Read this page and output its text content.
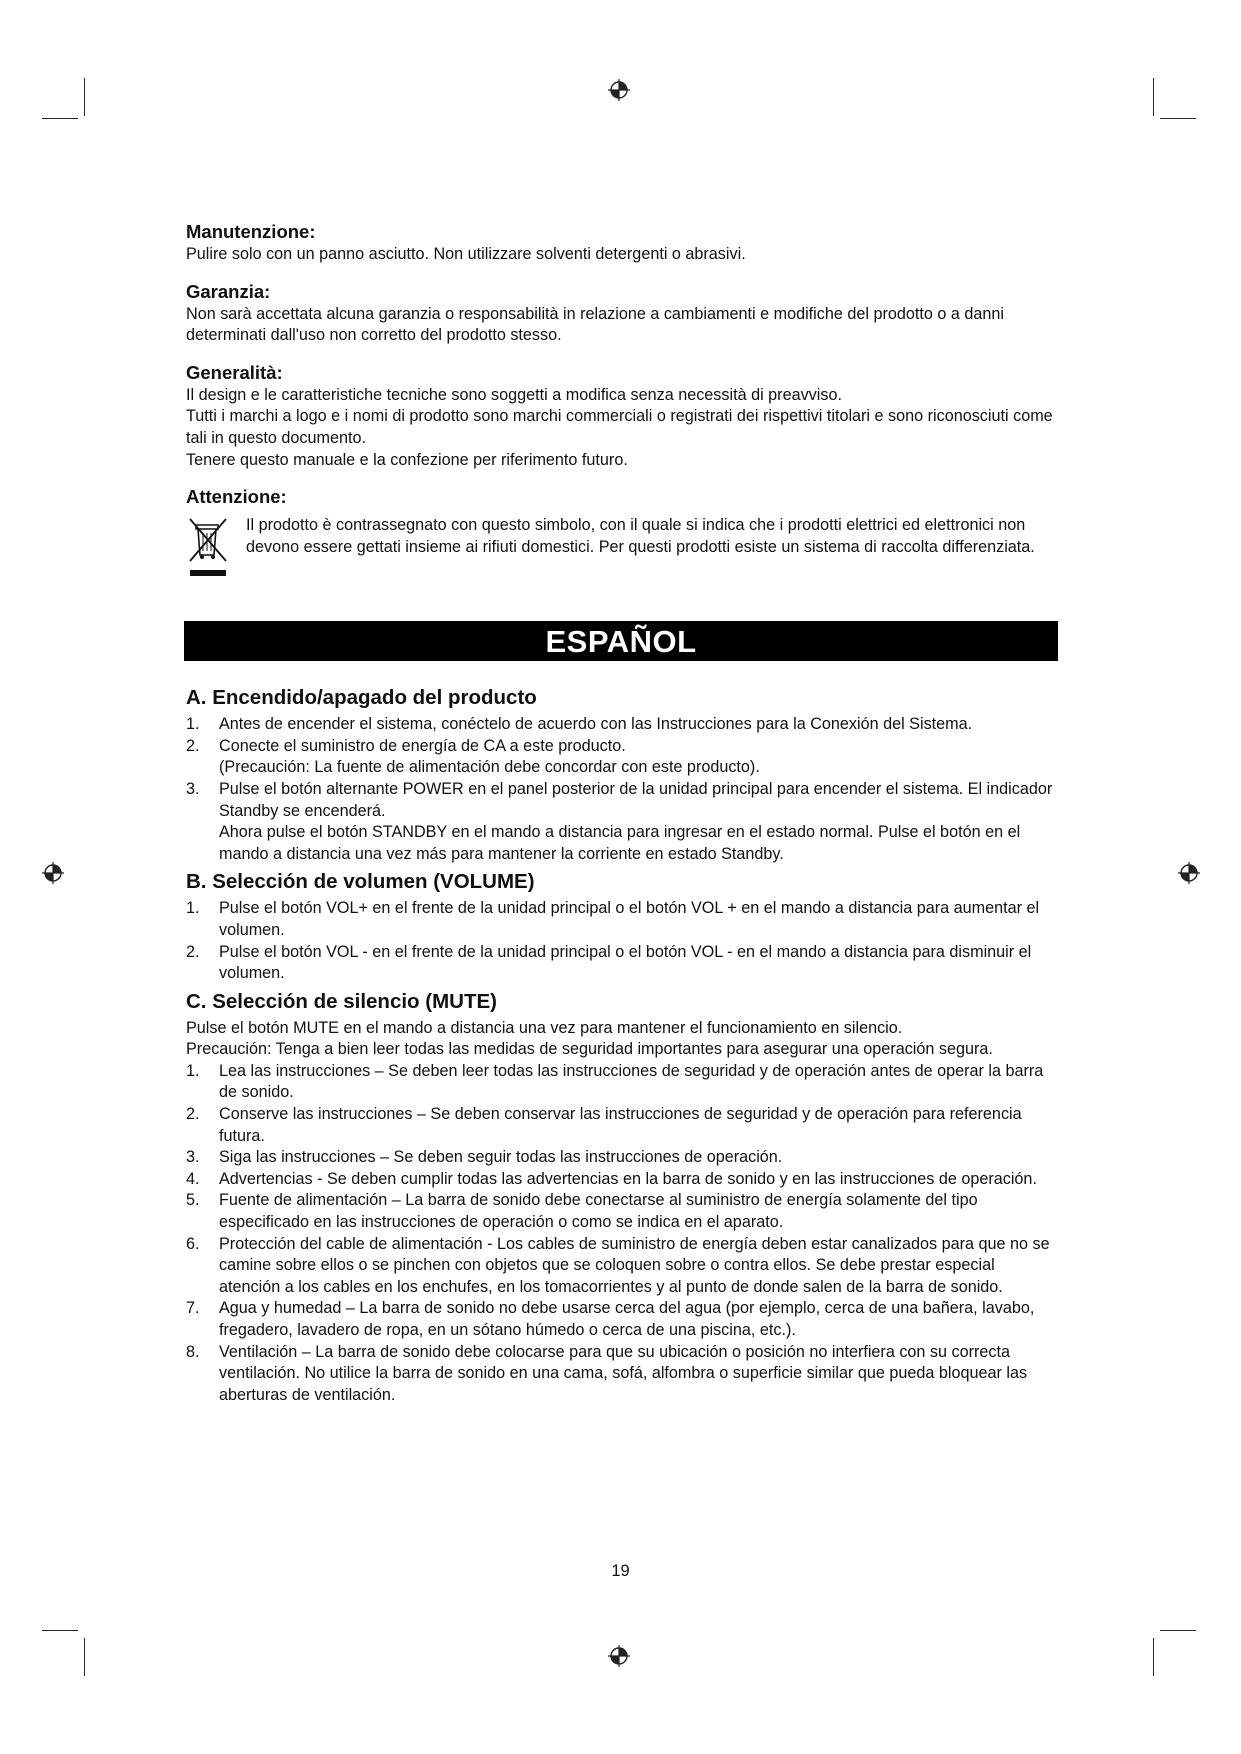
Manutenzione:

Pulire solo con un panno asciutto. Non utilizzare solventi detergenti o abrasivi.

Garanzia:

Non sarà accettata alcuna garanzia o responsabilità in relazione a cambiamenti e modifiche del prodotto o a danni determinati dall'uso non corretto del prodotto stesso.

Generalità:

Il design e le caratteristiche tecniche sono soggetti a modifica senza necessità di preavviso.

Tutti i marchi a logo e i nomi di prodotto sono marchi commerciali o registrati dei rispettivi titolari e sono riconosciuti come tali in questo documento.

Tenere questo manuale e la confezione per riferimento futuro.

Attenzione:

Il prodotto è contrassegnato con questo simbolo, con il quale si indica che i prodotti elettrici ed elettronici non devono essere gettati insieme ai rifiuti domestici. Per questi prodotti esiste un sistema di raccolta differenziata.

ESPAÑOL
A. Encendido/apagado del producto
1. Antes de encender el sistema, conéctelo de acuerdo con las Instrucciones para la Conexión del Sistema.
2. Conecte el suministro de energía de CA a este producto.

(Precaución: La fuente de alimentación debe concordar con este producto).

3. Pulse el botón alternante POWER en el panel posterior de la unidad principal para encender el sistema. El indicador Standby se encenderá.

Ahora pulse el botón STANDBY en el mando a distancia para ingresar en el estado normal. Pulse el botón en el mando a distancia una vez más para mantener la corriente en estado Standby.

B. Selección de volumen (VOLUME)
1. Pulse el botón VOL+ en el frente de la unidad principal o el botón VOL + en el mando a distancia para aumentar el volumen.
2. Pulse el botón VOL - en el frente de la unidad principal o el botón VOL - en el mando a distancia para disminuir el volumen.
C. Selección de silencio (MUTE)

Pulse el botón MUTE en el mando a distancia una vez para mantener el funcionamiento en silencio.

Precaución: Tenga a bien leer todas las medidas de seguridad importantes para asegurar una operación segura.

1. Lea las instrucciones – Se deben leer todas las instrucciones de seguridad y de operación antes de operar la barra de sonido.
2. Conserve las instrucciones – Se deben conservar las instrucciones de seguridad y de operación para referencia futura.
3. Siga las instrucciones – Se deben seguir todas las instrucciones de operación.
4. Advertencias - Se deben cumplir todas las advertencias en la barra de sonido y en las instrucciones de operación.
5. Fuente de alimentación – La barra de sonido debe conectarse al suministro de energía solamente del tipo especificado en las instrucciones de operación o como se indica en el aparato.
6. Protección del cable de alimentación - Los cables de suministro de energía deben estar canalizados para que no se camine sobre ellos o se pinchen con objetos que se coloquen sobre o contra ellos. Se debe prestar especial atención a los cables en los enchufes, en los tomacorrientes y al punto de donde salen de la barra de sonido.
7. Agua y humedad – La barra de sonido no debe usarse cerca del agua (por ejemplo, cerca de una bañera, lavabo, fregadero, lavadero de ropa, en un sótano húmedo o cerca de una piscina, etc.).
8. Ventilación – La barra de sonido debe colocarse para que su ubicación o posición no interfiera con su correcta ventilación. No utilice la barra de sonido en una cama, sofá, alfombra o superficie similar que pueda bloquear las aberturas de ventilación.
19
